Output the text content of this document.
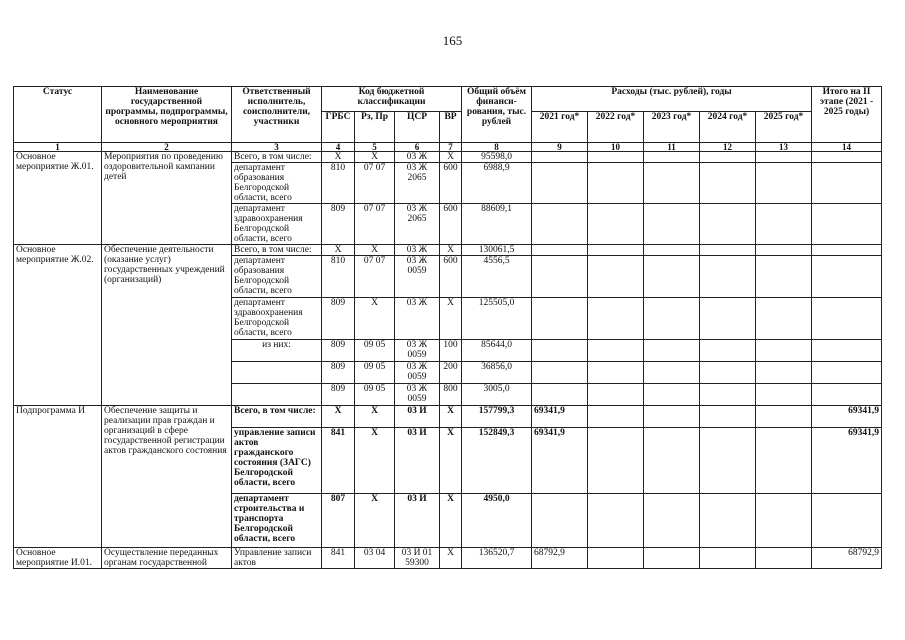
165
Статус	Наименование государственной программы, подпрограммы, основного мероприятия	Ответственный исполнитель, соисполнители, участники	Код бюджетной классификации				Общий объём финанси-рования, тыс. рублей	Расходы (тыс. рублей), годы					Итого на II этапе (2021 - 2025 годы)
			ГРБС	Рз, Пр	ЦСР	ВР		2021 год*	2022 год*	2023 год*	2024 год*	2025 год*	
1	2	3	4	5	6	7	8	9	10	11	12	13	14
Основное мероприятие Ж.01.	Мероприятия по проведению оздоровительной кампании детей	Всего, в том числе:	Х	Х	03 Ж	Х	95598,0						
		департамент образования Белгородской области, всего	810	07 07	03 Ж 2065	600	6988,9						
		департамент здравоохранения Белгородской области, всего	809	07 07	03 Ж 2065	600	88609,1						
Основное мероприятие Ж.02.	Обеспечение деятельности (оказание услуг) государственных учреждений (организаций)	Всего, в том числе:	Х	Х	03 Ж	Х	130061,5						
		департамент образования Белгородской области, всего	810	07 07	03 Ж 0059	600	4556,5						
		департамент здравоохранения Белгородской области, всего	809	Х	03 Ж	Х	125505,0						
		из них:	809	09 05	03 Ж 0059	100	85644,0						
			809	09 05	03 Ж 0059	200	36856,0						
			809	09 05	03 Ж 0059	800	3005,0						
Подпрограмма И	Обеспечение защиты и реализации прав граждан и организаций в сфере государственной регистрации актов гражданского состояния	Всего, в том числе:	Х	Х	03 И	Х	157799,3	69341,9					69341,9
		управление записи актов гражданского состояния (ЗАГС) Белгородской области, всего	841	Х	03 И	Х	152849,3	69341,9					69341,9
		департамент строительства и транспорта Белгородской области, всего	807	Х	03 И	Х	4950,0						
Основное мероприятие И.01.	Осуществление переданных органам государственной	Управление записи актов	841	03 04	03 И 01 59300	Х	136520,7	68792,9					68792,9
